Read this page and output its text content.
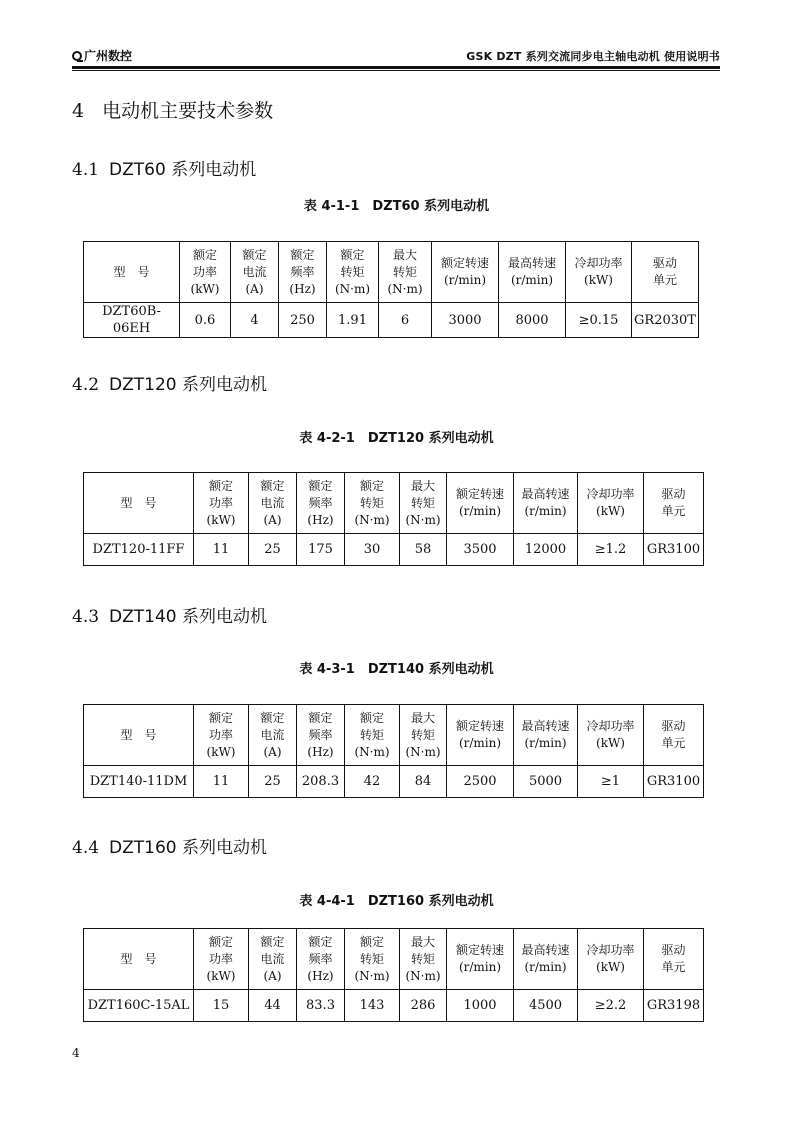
广州数控	GSK DZT 系列交流同步电主轴电动机 使用说明书
4 电动机主要技术参数
4.1 DZT60 系列电动机
表 4-1-1　DZT60 系列电动机
型　号	额定
功率
(kW)	额定
电流
(A)	额定
频率
(Hz)	额定
转矩
(N·m)	最大
转矩
(N·m)	额定转速
(r/min)	最高转速
(r/min)	冷却功率
(kW)	驱动
单元

DZT60B-06EH	0.6	4	250	1.91	6	3000	8000	≥0.15	GR2030T
4.2 DZT120 系列电动机
表 4-2-1　DZT120 系列电动机
型　号	额定
功率
(kW)	额定
电流
(A)	额定
频率
(Hz)	额定
转矩
(N·m)	最大
转矩
(N·m)	额定转速
(r/min)	最高转速
(r/min)	冷却功率
(kW)	驱动
单元

DZT120-11FF	11	25	175	30	58	3500	12000	≥1.2	GR3100
4.3 DZT140 系列电动机
表 4-3-1　DZT140 系列电动机
型　号	额定
功率
(kW)	额定
电流
(A)	额定
频率
(Hz)	额定
转矩
(N·m)	最大
转矩
(N·m)	额定转速
(r/min)	最高转速
(r/min)	冷却功率
(kW)	驱动
单元

DZT140-11DM	11	25	208.3	42	84	2500	5000	≥1	GR3100
4.4 DZT160 系列电动机
表 4-4-1　DZT160 系列电动机
型　号	额定
功率
(kW)	额定
电流
(A)	额定
频率
(Hz)	额定
转矩
(N·m)	最大
转矩
(N·m)	额定转速
(r/min)	最高转速
(r/min)	冷却功率
(kW)	驱动
单元

DZT160C-15AL	15	44	83.3	143	286	1000	4500	≥2.2	GR3198
4
